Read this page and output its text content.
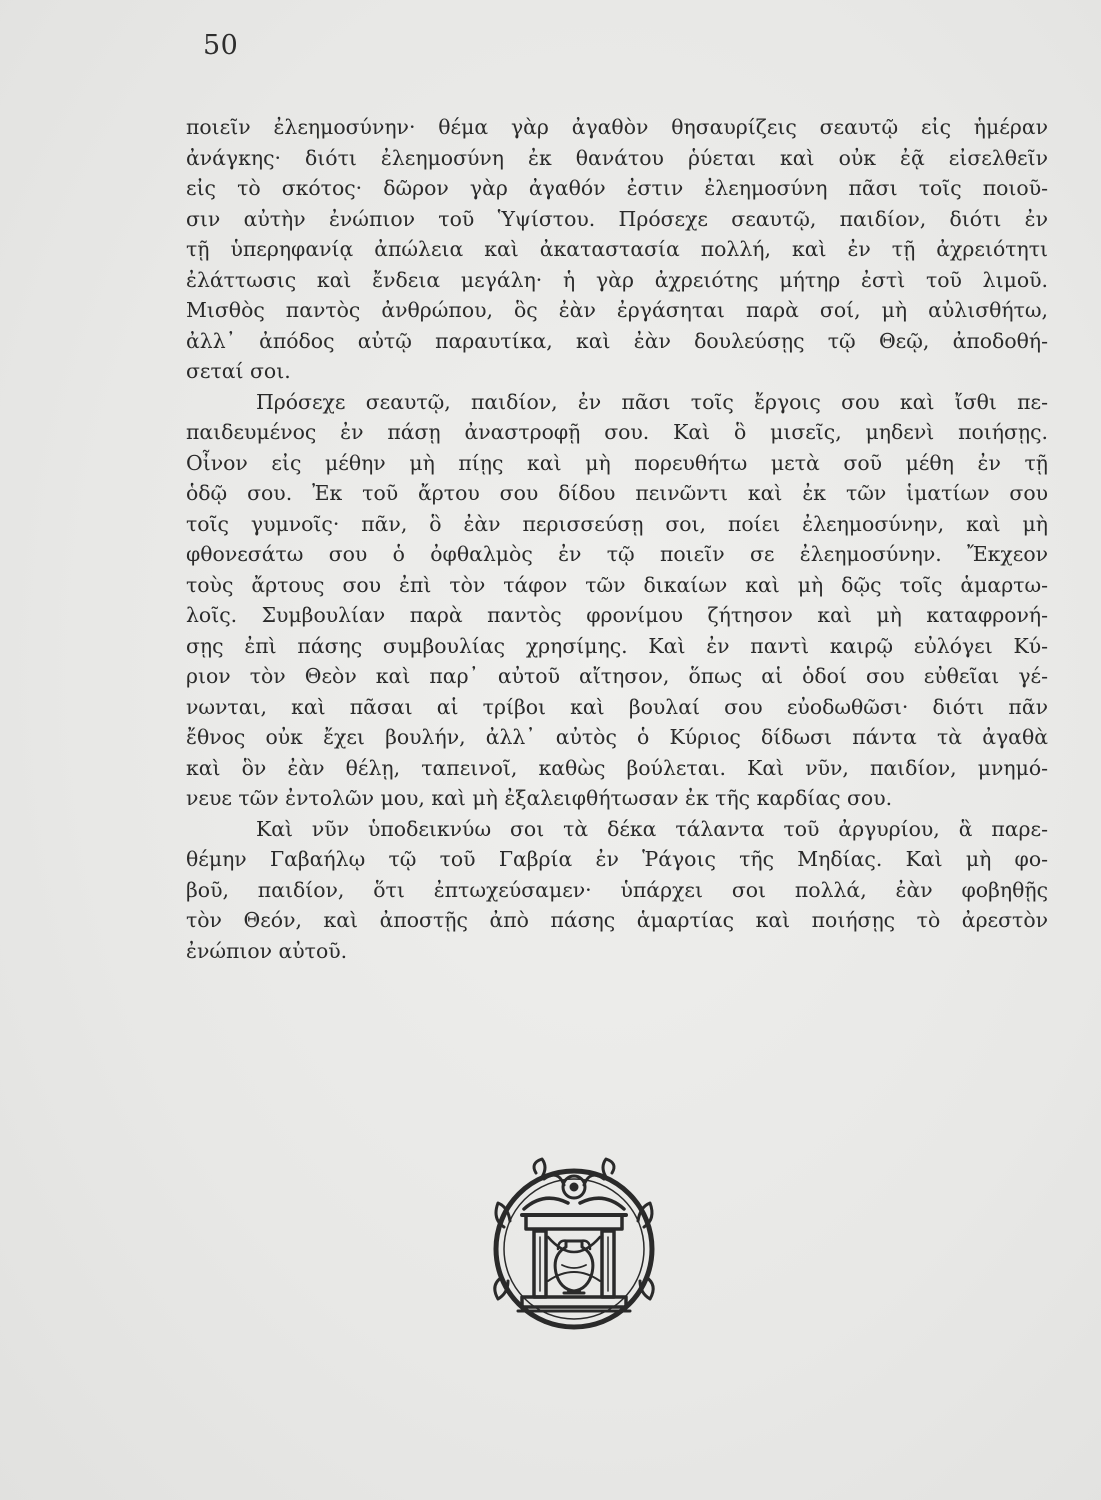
50
ποιεῖν ἐλεημοσύνην· θέμα γὰρ ἀγαθὸν θησαυρίζεις σεαυτῷ εἰς ἡμέραν
ἀνάγκης· διότι ἐλεημοσύνη ἐκ θανάτου ῥύεται καὶ οὐκ ἐᾷ εἰσελθεῖν
εἰς τὸ σκότος· δῶρον γὰρ ἀγαθόν ἐστιν ἐλεημοσύνη πᾶσι τοῖς ποιοῦ-
σιν αὐτὴν ἐνώπιον τοῦ Ὑψίστου. Πρόσεχε σεαυτῷ, παιδίον, διότι ἐν
τῇ ὑπερηφανίᾳ ἀπώλεια καὶ ἀκαταστασία πολλή, καὶ ἐν τῇ ἀχρειότητι
ἐλάττωσις καὶ ἔνδεια μεγάλη· ἡ γὰρ ἀχρειότης μήτηρ ἐστὶ τοῦ λιμοῦ.
Μισθὸς παντὸς ἀνθρώπου, ὃς ἐὰν ἐργάσηται παρὰ σοί, μὴ αὐλισθήτω,
ἀλλ᾽ ἀπόδος αὐτῷ παραυτίκα, καὶ ἐὰν δουλεύσῃς τῷ Θεῷ, ἀποδοθή-
σεταί σοι.
Πρόσεχε σεαυτῷ, παιδίον, ἐν πᾶσι τοῖς ἔργοις σου καὶ ἴσθι πε-
παιδευμένος ἐν πάσῃ ἀναστροφῇ σου. Καὶ ὃ μισεῖς, μηδενὶ ποιήσῃς.
Οἶνον εἰς μέθην μὴ πίῃς καὶ μὴ πορευθήτω μετὰ σοῦ μέθη ἐν τῇ
ὁδῷ σου. Ἐκ τοῦ ἄρτου σου δίδου πεινῶντι καὶ ἐκ τῶν ἱματίων σου
τοῖς γυμνοῖς· πᾶν, ὃ ἐὰν περισσεύσῃ σοι, ποίει ἐλεημοσύνην, καὶ μὴ
φθονεσάτω σου ὁ ὀφθαλμὸς ἐν τῷ ποιεῖν σε ἐλεημοσύνην. Ἔκχεον
τοὺς ἄρτους σου ἐπὶ τὸν τάφον τῶν δικαίων καὶ μὴ δῷς τοῖς ἁμαρτω-
λοῖς. Συμβουλίαν παρὰ παντὸς φρονίμου ζήτησον καὶ μὴ καταφρονή-
σῃς ἐπὶ πάσης συμβουλίας χρησίμης. Καὶ ἐν παντὶ καιρῷ εὐλόγει Κύ-
ριον τὸν Θεὸν καὶ παρ᾽ αὐτοῦ αἴτησον, ὅπως αἱ ὁδοί σου εὐθεῖαι γέ-
νωνται, καὶ πᾶσαι αἱ τρίβοι καὶ βουλαί σου εὐοδωθῶσι· διότι πᾶν
ἔθνος οὐκ ἔχει βουλήν, ἀλλ᾽ αὐτὸς ὁ Κύριος δίδωσι πάντα τὰ ἀγαθὰ
καὶ ὃν ἐὰν θέλῃ, ταπεινοῖ, καθὼς βούλεται. Καὶ νῦν, παιδίον, μνημό-
νευε τῶν ἐντολῶν μου, καὶ μὴ ἐξαλειφθήτωσαν ἐκ τῆς καρδίας σου.
Καὶ νῦν ὑποδεικνύω σοι τὰ δέκα τάλαντα τοῦ ἀργυρίου, ἃ παρε-
θέμην Γαβαήλῳ τῷ τοῦ Γαβρία ἐν Ῥάγοις τῆς Μηδίας. Καὶ μὴ φο-
βοῦ, παιδίον, ὅτι ἐπτωχεύσαμεν· ὑπάρχει σοι πολλά, ἐὰν φοβηθῇς
τὸν Θεόν, καὶ ἀποστῇς ἀπὸ πάσης ἁμαρτίας καὶ ποιήσῃς τὸ ἀρεστὸν
ἐνώπιον αὐτοῦ.
